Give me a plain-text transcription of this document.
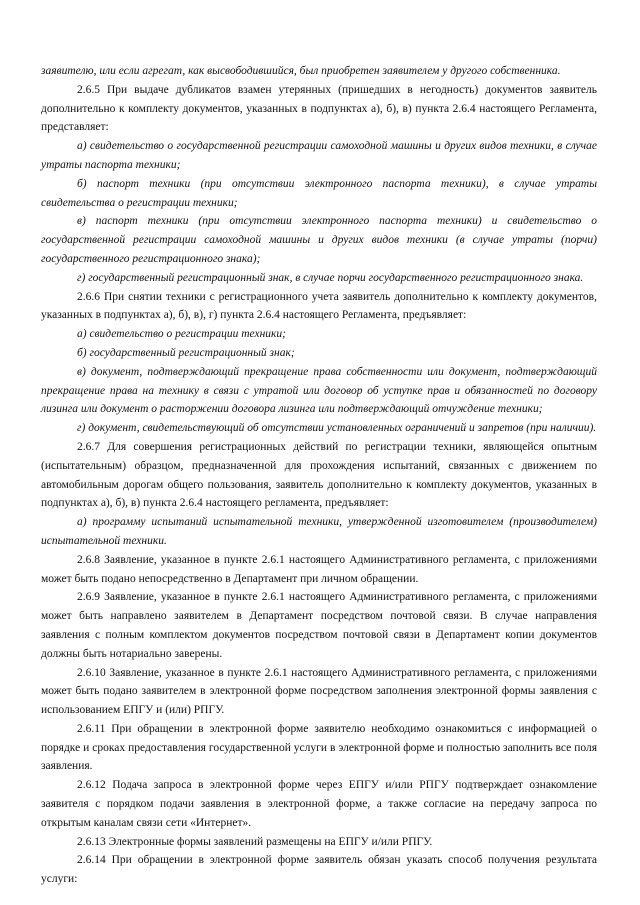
заявителю, или если агрегат, как высвободившийся, был приобретен заявителем у другого собственника.

2.6.5 При выдаче дубликатов взамен утерянных (пришедших в негодность) документов заявитель дополнительно к комплекту документов, указанных в подпунктах а), б), в) пункта 2.6.4 настоящего Регламента, представляет:

а) свидетельство о государственной регистрации самоходной машины и других видов техники, в случае утраты паспорта техники;

б) паспорт техники (при отсутствии электронного паспорта техники), в случае утраты свидетельства о регистрации техники;

в) паспорт техники (при отсутствии электронного паспорта техники) и свидетельство о государственной регистрации самоходной машины и других видов техники (в случае утраты (порчи) государственного регистрационного знака);

г) государственный регистрационный знак, в случае порчи государственного регистрационного знака.

2.6.6 При снятии техники с регистрационного учета заявитель дополнительно к комплекту документов, указанных в подпунктах а), б), в), г) пункта 2.6.4 настоящего Регламента, предъявляет:

а) свидетельство о регистрации техники;

б) государственный регистрационный знак;

в) документ, подтверждающий прекращение права собственности или документ, подтверждающий прекращение права на технику в связи с утратой или договор об уступке прав и обязанностей по договору лизинга или документ о расторжении договора лизинга или подтверждающий отчуждение техники;

г) документ, свидетельствующий об отсутствии установленных ограничений и запретов (при наличии).

2.6.7 Для совершения регистрационных действий по регистрации техники, являющейся опытным (испытательным) образцом, предназначенной для прохождения испытаний, связанных с движением по автомобильным дорогам общего пользования, заявитель дополнительно к комплекту документов, указанных в подпунктах а), б), в) пункта 2.6.4 настоящего регламента, предъявляет:

а) программу испытаний испытательной техники, утвержденной изготовителем (производителем) испытательной техники.

2.6.8 Заявление, указанное в пункте 2.6.1 настоящего Административного регламента, с приложениями может быть подано непосредственно в Департамент при личном обращении.

2.6.9 Заявление, указанное в пункте 2.6.1 настоящего Административного регламента, с приложениями может быть направлено заявителем в Департамент посредством почтовой связи. В случае направления заявления с полным комплектом документов посредством почтовой связи в Департамент копии документов должны быть нотариально заверены.

2.6.10 Заявление, указанное в пункте 2.6.1 настоящего Административного регламента, с приложениями может быть подано заявителем в электронной форме посредством заполнения электронной формы заявления с использованием ЕПГУ и (или) РПГУ.

2.6.11 При обращении в электронной форме заявителю необходимо ознакомиться с информацией о порядке и сроках предоставления государственной услуги в электронной форме и полностью заполнить все поля заявления.

2.6.12 Подача запроса в электронной форме через ЕПГУ и/или РПГУ подтверждает ознакомление заявителя с порядком подачи заявления в электронной форме, а также согласие на передачу запроса по открытым каналам связи сети «Интернет».

2.6.13 Электронные формы заявлений размещены на ЕПГУ и/или РПГУ.

2.6.14 При обращении в электронной форме заявитель обязан указать способ получения результата услуги:
